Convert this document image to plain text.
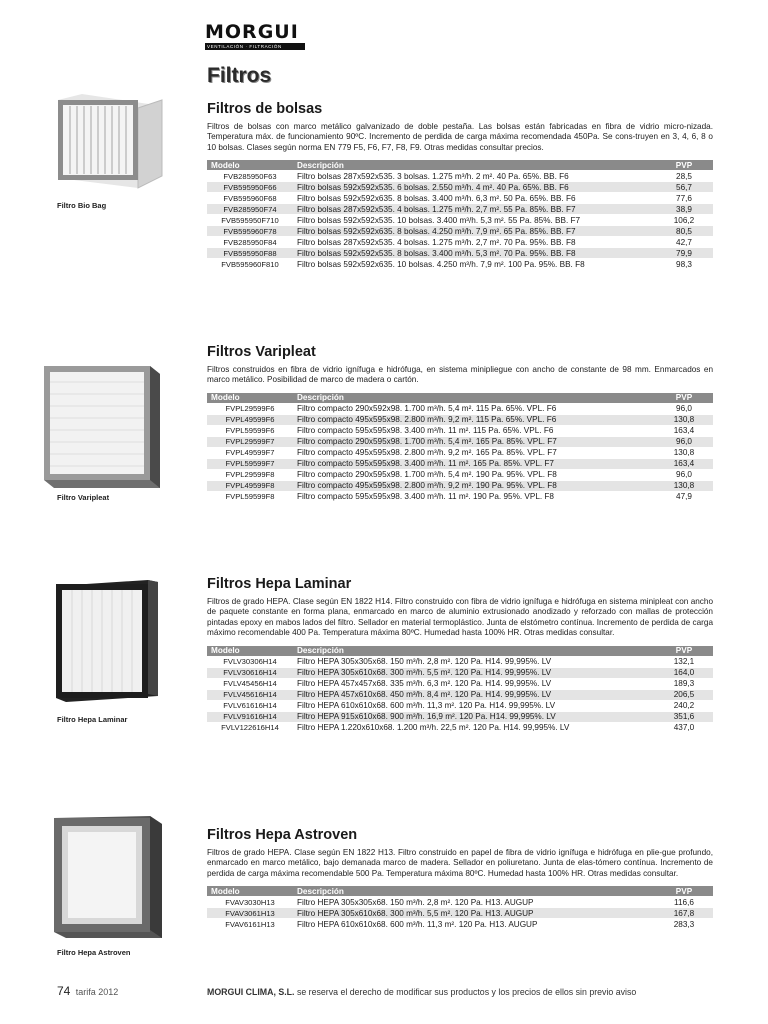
MORGUI
VENTILACIÓN · FILTRACIÓN
Filtros
Filtro Bio Bag
Filtro Varipleat
Filtro Hepa Laminar
Filtro Hepa Astroven
Filtros de bolsas

Filtros de bolsas con marco metálico galvanizado de doble pestaña. Las bolsas están fabricadas en fibra de vidrio micro-nizada. Temperatura máx. de funcionamiento 90ºC. Incremento de perdida de carga máxima recomendada 450Pa. Se cons-truyen en 3, 4, 6, 8 o 10 bolsas. Clases según norma EN 779 F5, F6, F7, F8, F9. Otras medidas consultar precios.

Modelo	Descripción	PVP
FVB285950F63	Filtro bolsas 287x592x535. 3 bolsas. 1.275 m³/h. 2 m². 40 Pa. 65%. BB. F6	28,5
FVB595950F66	Filtro bolsas 592x592x535. 6 bolsas. 2.550 m³/h. 4 m². 40 Pa. 65%. BB. F6	56,7
FVB595960F68	Filtro bolsas 592x592x635. 8 bolsas. 3.400 m³/h. 6,3 m². 50 Pa. 65%. BB. F6	77,6
FVB285950F74	Filtro bolsas 287x592x535. 4 bolsas. 1.275 m³/h. 2,7 m². 55 Pa. 85%. BB. F7	38,9
FVB595950F710	Filtro bolsas 592x592x535. 10 bolsas. 3.400 m³/h. 5,3 m². 55 Pa. 85%. BB. F7	106,2
FVB595960F78	Filtro bolsas 592x592x635. 8 bolsas. 4.250 m³/h. 7,9 m². 65 Pa. 85%. BB. F7	80,5
FVB285950F84	Filtro bolsas 287x592x535. 4 bolsas. 1.275 m³/h. 2,7 m². 70 Pa. 95%. BB. F8	42,7
FVB595950F88	Filtro bolsas 592x592x535. 8 bolsas. 3.400 m³/h. 5,3 m². 70 Pa. 95%. BB. F8	79,9
FVB595960F810	Filtro bolsas 592x592x635. 10 bolsas. 4.250 m³/h. 7,9 m². 100 Pa. 95%. BB. F8	98,3
Filtros Varipleat

Filtros construidos en fibra de vidrio ignífuga e hidrófuga, en sistema minipliegue con ancho de constante de 98 mm. Enmarcados en marco metálico. Posibilidad de marco de madera o cartón.

Modelo	Descripción	PVP
FVPL29599F6	Filtro compacto 290x592x98. 1.700 m³/h. 5,4 m². 115 Pa. 65%. VPL. F6	96,0
FVPL49599F6	Filtro compacto 495x595x98. 2.800 m³/h. 9,2 m². 115 Pa. 65%. VPL. F6	130,8
FVPL59599F6	Filtro compacto 595x595x98. 3.400 m³/h. 11 m². 115 Pa. 65%. VPL. F6	163,4
FVPL29599F7	Filtro compacto 290x595x98. 1.700 m³/h. 5,4 m². 165 Pa. 85%. VPL. F7	96,0
FVPL49599F7	Filtro compacto 495x595x98. 2.800 m³/h. 9,2 m². 165 Pa. 85%. VPL. F7	130,8
FVPL59599F7	Filtro compacto 595x595x98. 3.400 m³/h. 11 m². 165 Pa. 85%. VPL. F7	163,4
FVPL29599F8	Filtro compacto 290x595x98. 1.700 m³/h. 5,4 m². 190 Pa. 95%. VPL. F8	96,0
FVPL49599F8	Filtro compacto 495x595x98. 2.800 m³/h. 9,2 m². 190 Pa. 95%. VPL. F8	130,8
FVPL59599F8	Filtro compacto 595x595x98. 3.400 m³/h. 11 m². 190 Pa. 95%. VPL. F8	47,9
Filtros Hepa Laminar

Filtros de grado HEPA. Clase según EN 1822 H14. Filtro construido con fibra de vidrio ignífuga e hidrófuga en sistema minipleat con ancho de paquete constante en forma plana, enmarcado en marco de aluminio extrusionado anodizado y reforzado con mallas de protección pintadas epoxy en mabos lados del filtro. Sellador en material termoplástico. Junta de elstómetro contínua. Incremento de perdida de carga máximo recomendable 400 Pa. Temperatura máxima 80ºC. Humedad hasta 100% HR. Otras medidas consultar.

Modelo	Descripción	PVP
FVLV30306H14	Filtro HEPA 305x305x68. 150 m³/h. 2,8 m². 120 Pa. H14. 99,995%. LV	132,1
FVLV30616H14	Filtro HEPA 305x610x68. 300 m³/h. 5,5 m². 120 Pa. H14. 99,995%. LV	164,0
FVLV45456H14	Filtro HEPA 457x457x68. 335 m³/h. 6,3 m². 120 Pa. H14. 99,995%. LV	189,3
FVLV45616H14	Filtro HEPA 457x610x68. 450 m³/h. 8,4 m². 120 Pa. H14. 99,995%. LV	206,5
FVLV61616H14	Filtro HEPA 610x610x68. 600 m³/h. 11,3 m². 120 Pa. H14. 99,995%. LV	240,2
FVLV91616H14	Filtro HEPA 915x610x68. 900 m³/h. 16,9 m². 120 Pa. H14. 99,995%. LV	351,6
FVLV122616H14	Filtro HEPA 1.220x610x68. 1.200 m³/h. 22,5 m². 120 Pa. H14. 99,995%. LV	437,0
Filtros Hepa Astroven

Filtros de grado HEPA. Clase según EN 1822 H13. Filtro construido en papel de fibra de vidrio ignífuga e hidrófuga en plie-gue profundo, enmarcado en marco metálico, bajo demanada marco de madera. Sellador en poliuretano. Junta de elas-tómero contínua. Incremento de perdida de carga máxima recomendable 500 Pa. Temperatura máxima 80ºC. Humedad hasta 100% HR. Otras medidas consultar.

Modelo	Descripción	PVP
FVAV3030H13	Filtro HEPA 305x305x68. 150 m³/h. 2,8 m². 120 Pa. H13. AUGUP	116,6
FVAV3061H13	Filtro HEPA 305x610x68. 300 m³/h. 5,5 m². 120 Pa. H13. AUGUP	167,8
FVAV6161H13	Filtro HEPA 610x610x68. 600 m³/h. 11,3 m². 120 Pa. H13. AUGUP	283,3
74 tarifa 2012	MORGUI CLIMA, S.L. se reserva el derecho de modificar sus productos y los precios de ellos sin previo aviso
